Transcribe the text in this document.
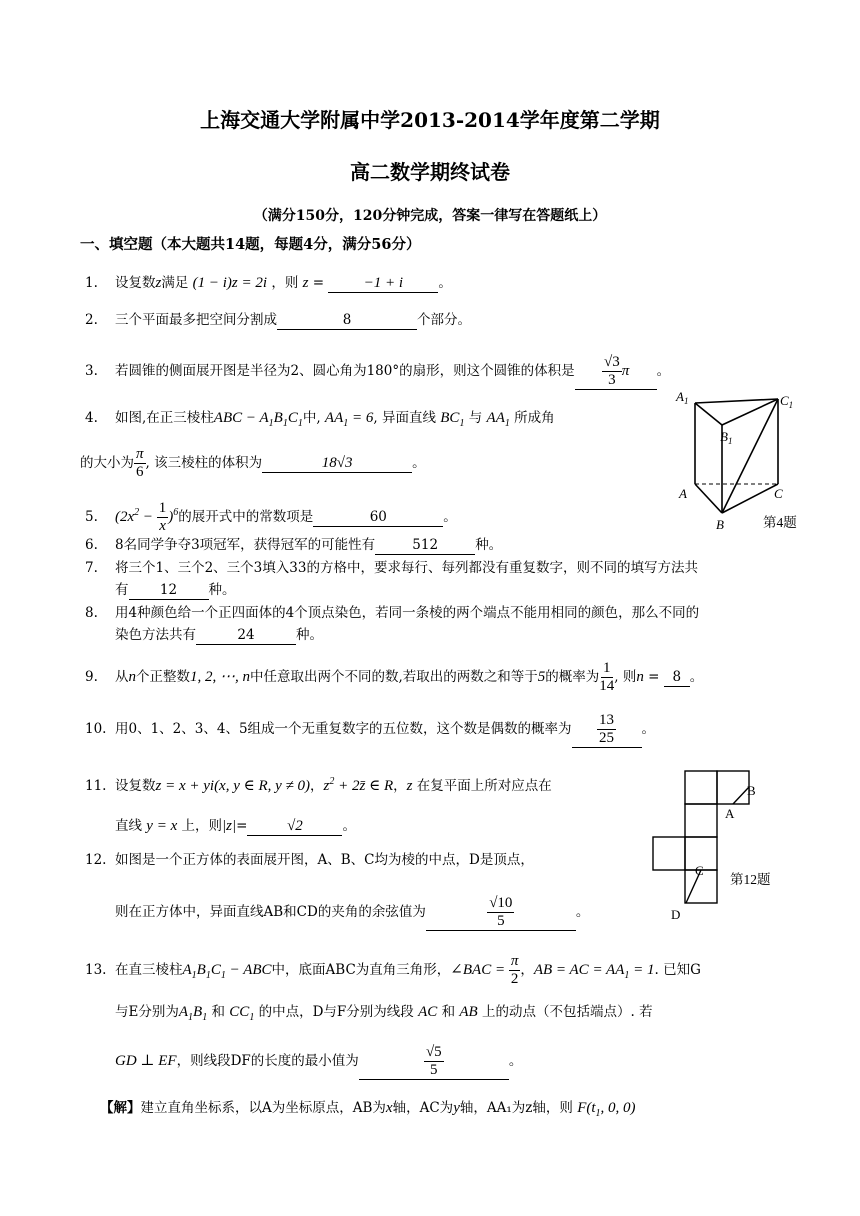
上海交通大学附属中学2013-2014学年度第二学期
高二数学期终试卷
（满分150分，120分钟完成，答案一律写在答题纸上）
一、填空题（本大题共14题，每题4分，满分56分）
1. 设复数z满足 (1 − i)z = 2i ，则 z = −1 + i	。
2. 三个平面最多把空间分割成	8	个部分。
3. 若圆锥的侧面展开图是半径为2、圆心角为180°的扇形，则这个圆锥的体积是 $\frac{√3}{3}$ π 。
4. 如图,在正三棱柱ABC − $A_1B_1C_1$中, $AA_1 = 6$, 异面直线 $BC_1$ 与 $AA_1$ 所成角
的大小为 $\frac{\pi}{6}$ , 该三棱柱的体积为	18√3	。
5. $(2x^2 - \frac{1}{x} )^6$的展开式中的常数项是	60	。
6. 8名同学争夺3项冠军，获得冠军的可能性有	512	种。
7. 将三个1、三个2、三个3填入33的方格中，要求每行、每列都没有重复数字，则不同的填写方法共
有 12 种。
8. 用4种颜色给一个正四面体的4个顶点染色，若同一条棱的两个端点不能用相同的颜色，那么不同的
染色方法共有	24	种。
9. 从n个正整数1, 2, ⋯, n中任意取出两个不同的数,若取出的两数之和等于5的概率为 $\frac{1}{14}$ , 则n = 8 。
10. 用0、1、2、3、4、5组成一个无重复数字的五位数，这个数是偶数的概率为 $\frac{13}{25}$ 。
11. 设复数z = x + yi(x, y ∈ R, y ≠ 0)，$z^2$ + 2z̄ ∈ R，z 在复平面上所对应点在
直线 y = x 上，则|z|=	√2	。
12. 如图是一个正方体的表面展开图，A、B、C均为棱的中点，D是顶点，
则在正方体中，异面直线AB和CD的夹角的余弦值为	$\frac{√10}{5}$	。
13. 在直三棱柱$A_1B_1C_1$ − ABC中，底面ABC为直角三角形，∠BAC = $\frac{\pi}{2}$ ，AB = AC = $AA_1 = 1$. 已知G
与E分别为$A_1B_1$ 和 $CC_1$ 的中点，D与F分别为线段 AC 和 AB 上的动点（不包括端点）. 若
GD ⊥ EF，则线段DF的长度的最小值为	$\frac{√5}{5}$	。
【解】建立直角坐标系，以A为坐标原点，AB为x轴，AC为y轴，AA₁为z轴，则 $F(t_1$, 0, 0)
$A_1$	$C_1$
$B_1$
A	C
B	第4题
B
A
C
D
第12题
